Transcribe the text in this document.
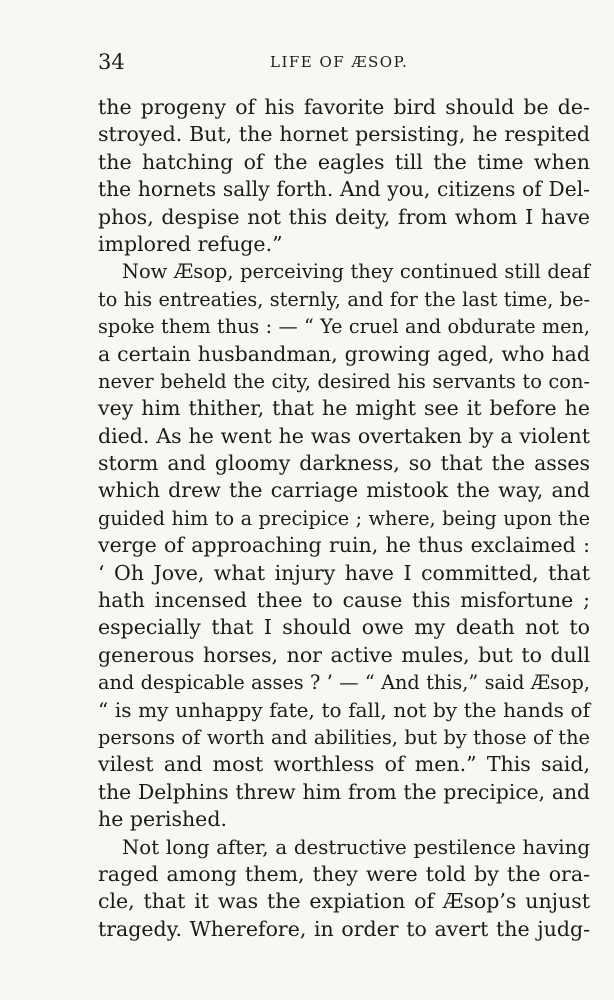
34	LIFE OF ÆSOP.
the progeny of his favorite bird should be de-
stroyed. But, the hornet persisting, he respited
the hatching of the eagles till the time when
the hornets sally forth. And you, citizens of Del-
phos, despise not this deity, from whom I have
implored refuge.”
Now Æsop, perceiving they continued still deaf
to his entreaties, sternly, and for the last time, be-
spoke them thus : — “ Ye cruel and obdurate men,
a certain husbandman, growing aged, who had
never beheld the city, desired his servants to con-
vey him thither, that he might see it before he
died. As he went he was overtaken by a violent
storm and gloomy darkness, so that the asses
which drew the carriage mistook the way, and
guided him to a precipice ; where, being upon the
verge of approaching ruin, he thus exclaimed :
‘ Oh Jove, what injury have I committed, that
hath incensed thee to cause this misfortune ;
especially that I should owe my death not to
generous horses, nor active mules, but to dull
and despicable asses ? ’ — “ And this,” said Æsop,
“ is my unhappy fate, to fall, not by the hands of
persons of worth and abilities, but by those of the
vilest and most worthless of men.” This said,
the Delphins threw him from the precipice, and
he perished.
Not long after, a destructive pestilence having
raged among them, they were told by the ora-
cle, that it was the expiation of Æsop’s unjust
tragedy. Wherefore, in order to avert the judg-
